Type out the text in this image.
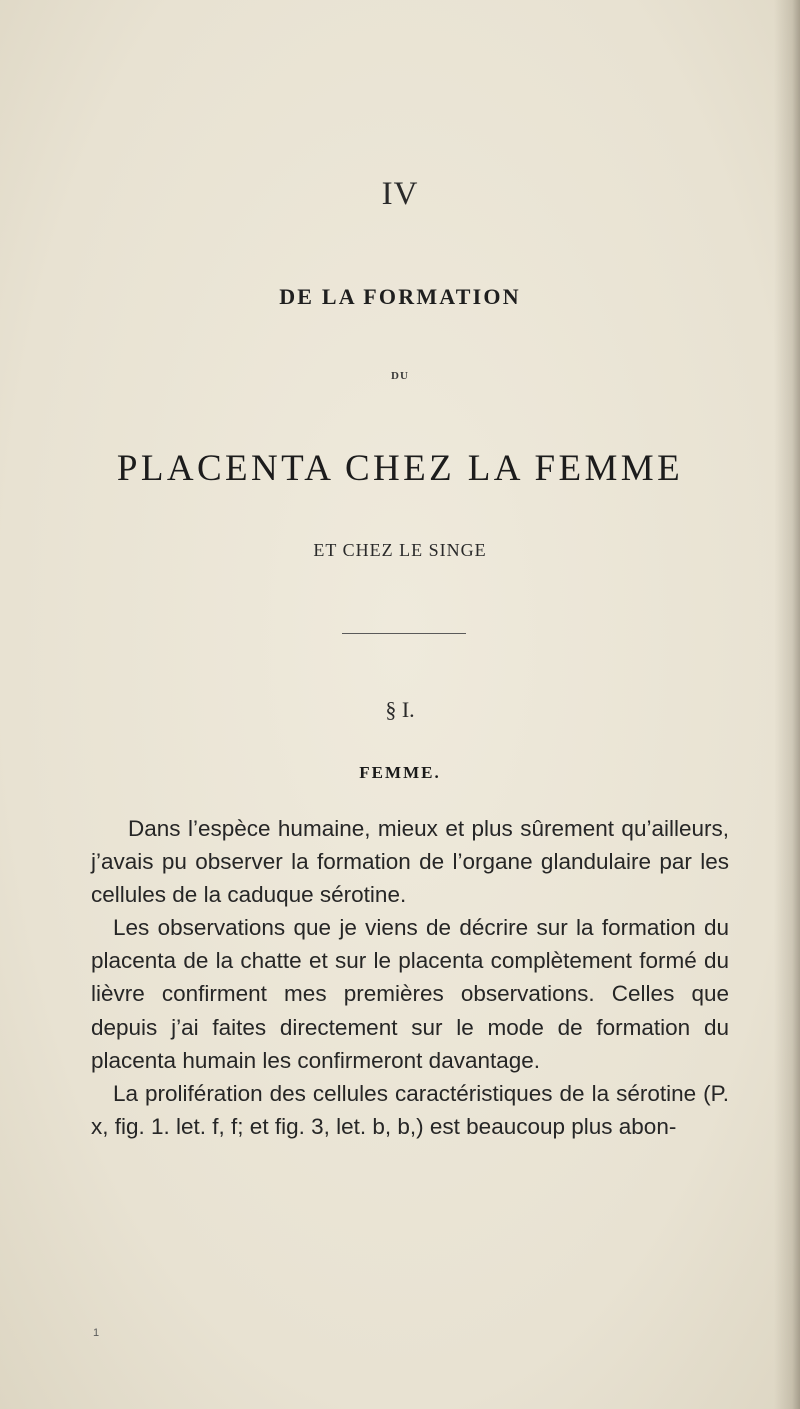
IV
DE LA FORMATION
DU
PLACENTA CHEZ LA FEMME
ET CHEZ LE SINGE
§ I.
FEMME.

Dans l’espèce humaine, mieux et plus sûrement qu’ailleurs, j’avais pu observer la formation de l’organe glandulaire par les cellules de la caduque sérotine.

Les observations que je viens de décrire sur la formation du placenta de la chatte et sur le placenta complètement formé du lièvre confirment mes premières observations. Celles que depuis j’ai faites directement sur le mode de formation du placenta humain les confirmeront davantage.

La prolifération des cellules caractéristiques de la sérotine (P. x, fig. 1. let. f, f; et fig. 3, let. b, b,) est beaucoup plus abon-

1
